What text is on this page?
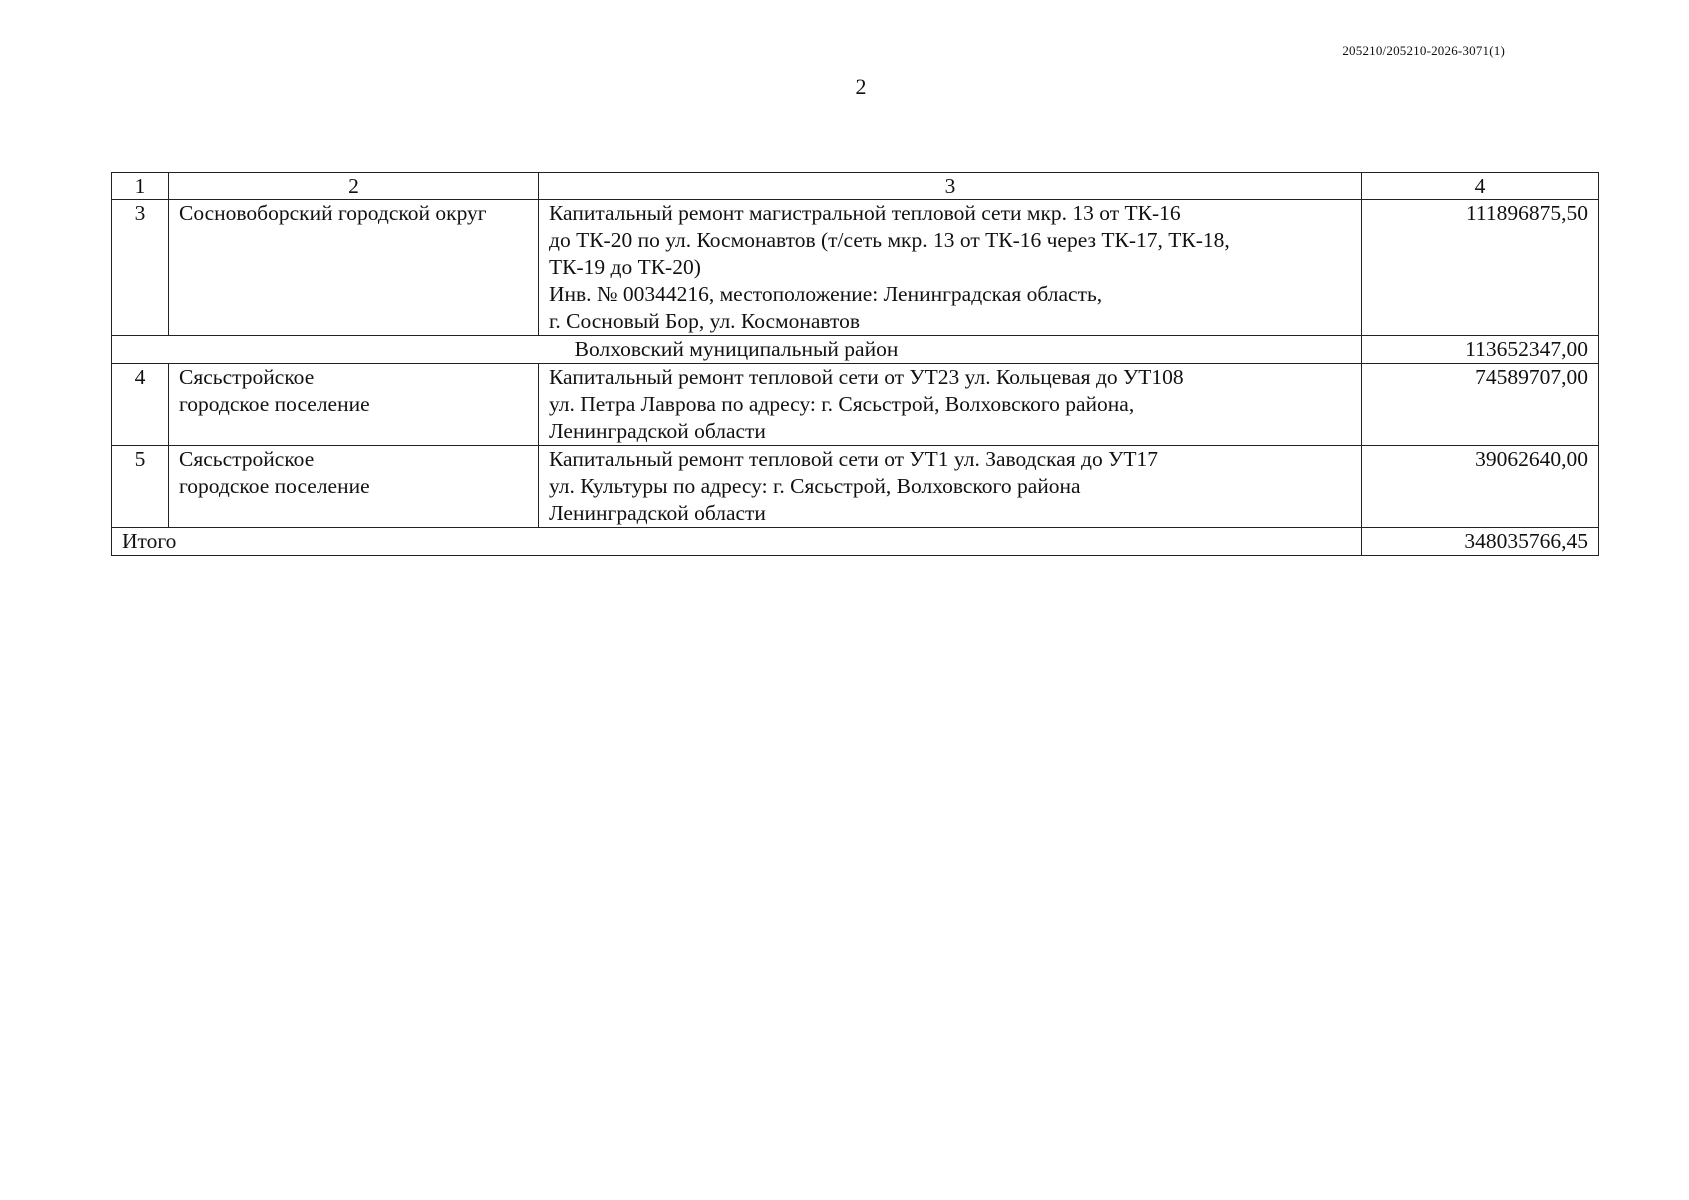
205210/205210-2026-3071(1)
2
1	2	3	4
3	Сосновоборский городской округ	Капитальный ремонт магистральной тепловой сети мкр. 13 от ТК-16
до ТК-20 по ул. Космонавтов (т/сеть мкр. 13 от ТК-16 через ТК-17, ТК-18,
ТК-19 до ТК-20)
Инв. № 00344216, местоположение: Ленинградская область,
г. Сосновый Бор, ул. Космонавтов	111896875,50
Волховский муниципальный район			113652347,00
4	Сясьстройское
городское поселение	Капитальный ремонт тепловой сети от УТ23 ул. Кольцевая до УТ108
ул. Петра Лаврова по адресу: г. Сясьстрой, Волховского района,
Ленинградской области	74589707,00
5	Сясьстройское
городское поселение	Капитальный ремонт тепловой сети от УТ1 ул. Заводская до УТ17
ул. Культуры по адресу: г. Сясьстрой, Волховского района
Ленинградской области	39062640,00
Итого			348035766,45
